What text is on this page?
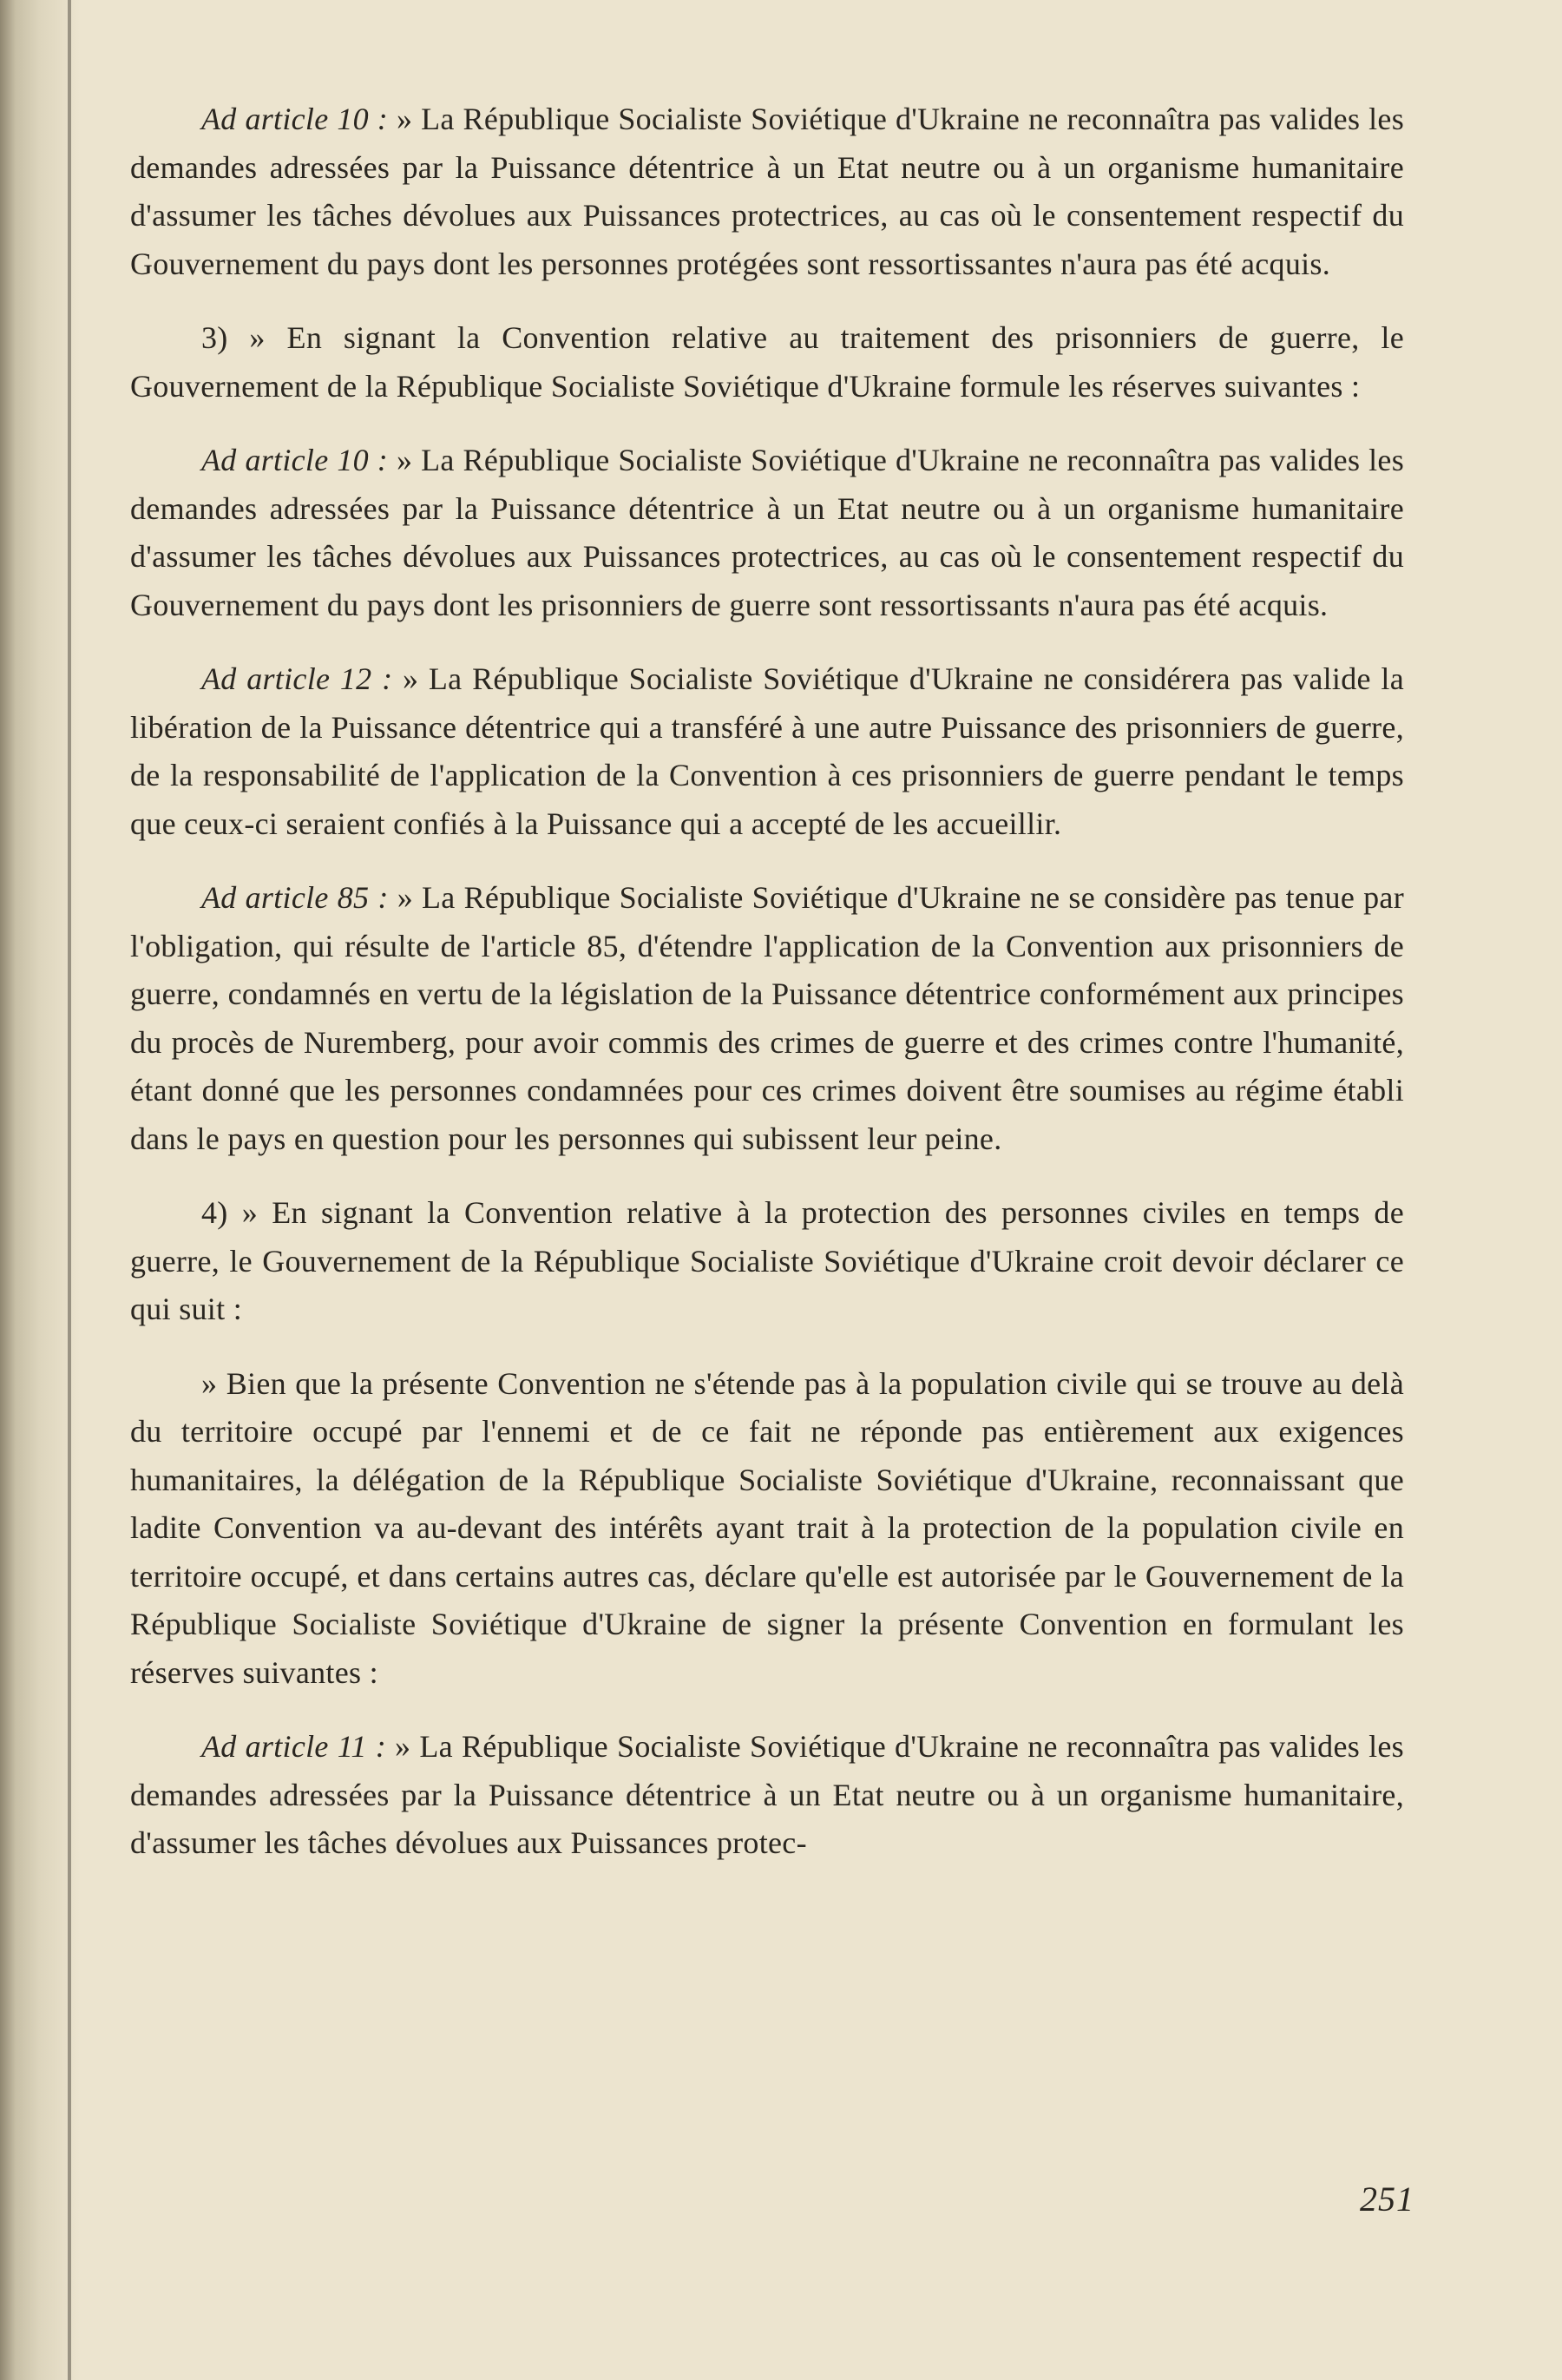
Ad article 10 : » La République Socialiste Soviétique d'Ukraine ne reconnaîtra pas valides les demandes adressées par la Puissance détentrice à un Etat neutre ou à un organisme humanitaire d'assumer les tâches dévolues aux Puissances protectrices, au cas où le consentement respectif du Gouvernement du pays dont les personnes protégées sont ressortissantes n'aura pas été acquis.

3) » En signant la Convention relative au traitement des prisonniers de guerre, le Gouvernement de la République Socialiste Soviétique d'Ukraine formule les réserves suivantes :

Ad article 10 : » La République Socialiste Soviétique d'Ukraine ne reconnaîtra pas valides les demandes adressées par la Puissance détentrice à un Etat neutre ou à un organisme humanitaire d'assumer les tâches dévolues aux Puissances protectrices, au cas où le consentement respectif du Gouvernement du pays dont les prisonniers de guerre sont ressortissants n'aura pas été acquis.

Ad article 12 : » La République Socialiste Soviétique d'Ukraine ne considérera pas valide la libération de la Puissance détentrice qui a transféré à une autre Puissance des prisonniers de guerre, de la responsabilité de l'application de la Convention à ces prisonniers de guerre pendant le temps que ceux-ci seraient confiés à la Puissance qui a accepté de les accueillir.

Ad article 85 : » La République Socialiste Soviétique d'Ukraine ne se considère pas tenue par l'obligation, qui résulte de l'article 85, d'étendre l'application de la Convention aux prisonniers de guerre, condamnés en vertu de la législation de la Puissance détentrice conformément aux principes du procès de Nuremberg, pour avoir commis des crimes de guerre et des crimes contre l'humanité, étant donné que les personnes condamnées pour ces crimes doivent être soumises au régime établi dans le pays en question pour les personnes qui subissent leur peine.

4) » En signant la Convention relative à la protection des personnes civiles en temps de guerre, le Gouvernement de la République Socialiste Soviétique d'Ukraine croit devoir déclarer ce qui suit :

» Bien que la présente Convention ne s'étende pas à la population civile qui se trouve au delà du territoire occupé par l'ennemi et de ce fait ne réponde pas entièrement aux exigences humanitaires, la délégation de la République Socialiste Soviétique d'Ukraine, reconnaissant que ladite Convention va au-devant des intérêts ayant trait à la protection de la population civile en territoire occupé, et dans certains autres cas, déclare qu'elle est autorisée par le Gouvernement de la République Socialiste Soviétique d'Ukraine de signer la présente Convention en formulant les réserves suivantes :

Ad article 11 : » La République Socialiste Soviétique d'Ukraine ne reconnaîtra pas valides les demandes adressées par la Puissance détentrice à un Etat neutre ou à un organisme humanitaire, d'assumer les tâches dévolues aux Puissances protec-

251
